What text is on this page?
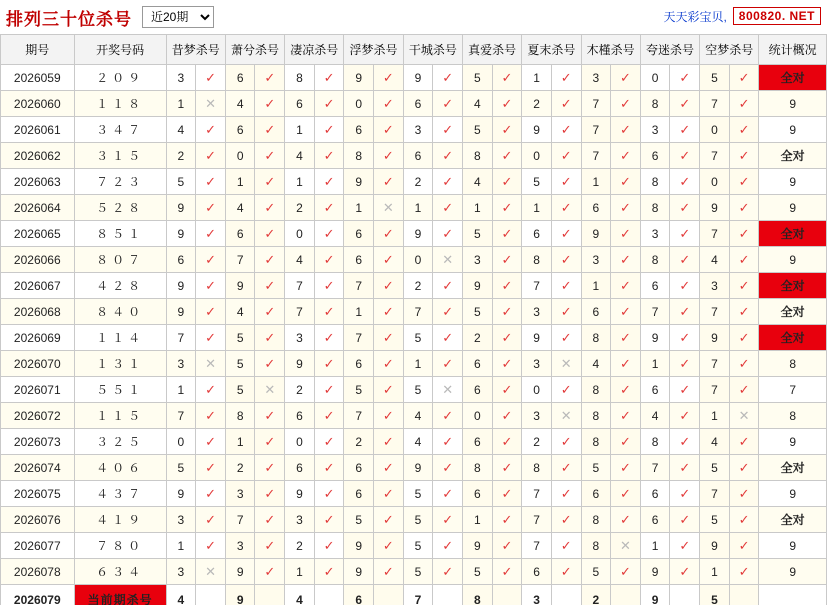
排列三十位杀号
近20期	天天彩宝贝,	800820. NET
期号	开奖号码	昔梦杀号		萧兮杀号		凄凉杀号		浮梦杀号		干城杀号		真爱杀号		夏末杀号		木槿杀号		夸迷杀号		空梦杀号		统计概况
2026059	２０９	3	✓	6	✓	8	✓	9	✓	9	✓	5	✓	1	✓	3	✓	0	✓	5	✓	全对
2026060	１１８	1	✕	4	✓	6	✓	0	✓	6	✓	4	✓	2	✓	7	✓	8	✓	7	✓	9
2026061	３４７	4	✓	6	✓	1	✓	6	✓	3	✓	5	✓	9	✓	7	✓	3	✓	0	✓	9
2026062	３１５	2	✓	0	✓	4	✓	8	✓	6	✓	8	✓	0	✓	7	✓	6	✓	7	✓	全对
2026063	７２３	5	✓	1	✓	1	✓	9	✓	2	✓	4	✓	5	✓	1	✓	8	✓	0	✓	9
2026064	５２８	9	✓	4	✓	2	✓	1	✕	1	✓	1	✓	1	✓	6	✓	8	✓	9	✓	9
2026065	８５１	9	✓	6	✓	0	✓	6	✓	9	✓	5	✓	6	✓	9	✓	3	✓	7	✓	全对
2026066	８０７	6	✓	7	✓	4	✓	6	✓	0	✕	3	✓	8	✓	3	✓	8	✓	4	✓	9
2026067	４２８	9	✓	9	✓	7	✓	7	✓	2	✓	9	✓	7	✓	1	✓	6	✓	3	✓	全对
2026068	８４０	9	✓	4	✓	7	✓	1	✓	7	✓	5	✓	3	✓	6	✓	7	✓	7	✓	全对
2026069	１１４	7	✓	5	✓	3	✓	7	✓	5	✓	2	✓	9	✓	8	✓	9	✓	9	✓	全对
2026070	１３１	3	✕	5	✓	9	✓	6	✓	1	✓	6	✓	3	✕	4	✓	1	✓	7	✓	8
2026071	５５１	1	✓	5	✕	2	✓	5	✓	5	✕	6	✓	0	✓	8	✓	6	✓	7	✓	7
2026072	１１５	7	✓	8	✓	6	✓	7	✓	4	✓	0	✓	3	✕	8	✓	4	✓	1	✕	8
2026073	３２５	0	✓	1	✓	0	✓	2	✓	4	✓	6	✓	2	✓	8	✓	8	✓	4	✓	9
2026074	４０６	5	✓	2	✓	6	✓	6	✓	9	✓	8	✓	8	✓	5	✓	7	✓	5	✓	全对
2026075	４３７	9	✓	3	✓	9	✓	6	✓	5	✓	6	✓	7	✓	6	✓	6	✓	7	✓	9
2026076	４１９	3	✓	7	✓	3	✓	5	✓	5	✓	1	✓	7	✓	8	✓	6	✓	5	✓	全对
2026077	７８０	1	✓	3	✓	2	✓	9	✓	5	✓	9	✓	7	✓	8	✕	1	✓	9	✓	9
2026078	６３４	3	✕	9	✓	1	✓	9	✓	5	✓	5	✓	6	✓	5	✓	9	✓	1	✓	9
2026079	当前期杀号	4		9		4		6		7		8		3		2		9		5		
